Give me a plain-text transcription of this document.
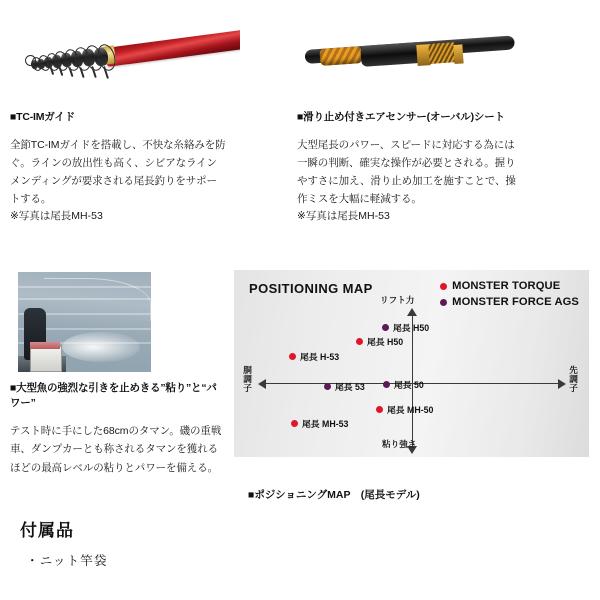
■TC-IMガイド

全節TC-IMガイドを搭載し、不快な糸絡みを防ぐ。ラインの放出性も高く、シビアなラインメンディングが要求される尾長釣りをサポートする。

※写真は尾長MH-53

■滑り止め付きエアセンサー(オーバル)シート

大型尾長のパワー、スピードに対応する為には一瞬の判断、確実な操作が必要とされる。握りやすさに加え、滑り止め加工を施すことで、操作ミスを大幅に軽減する。

※写真は尾長MH-53

■大型魚の強烈な引きを止めきる”粘り”と“パワー”

テスト時に手にした68cmのタマン。磯の重戦車、ダンプカーとも称されるタマンを獲れるほどの最高レベルの粘りとパワーを備える。

POSITIONING MAP	MONSTER TORQUE
MONSTER FORCE AGS
リフト力
粘り強さ
胴調子
先調子
尾長 H50
尾長 H50
尾長 H-53
尾長 53	尾長 50
尾長 MH-50
尾長 MH-53
■ポジショニングMAP　(尾長モデル)
付属品
・ニット竿袋
